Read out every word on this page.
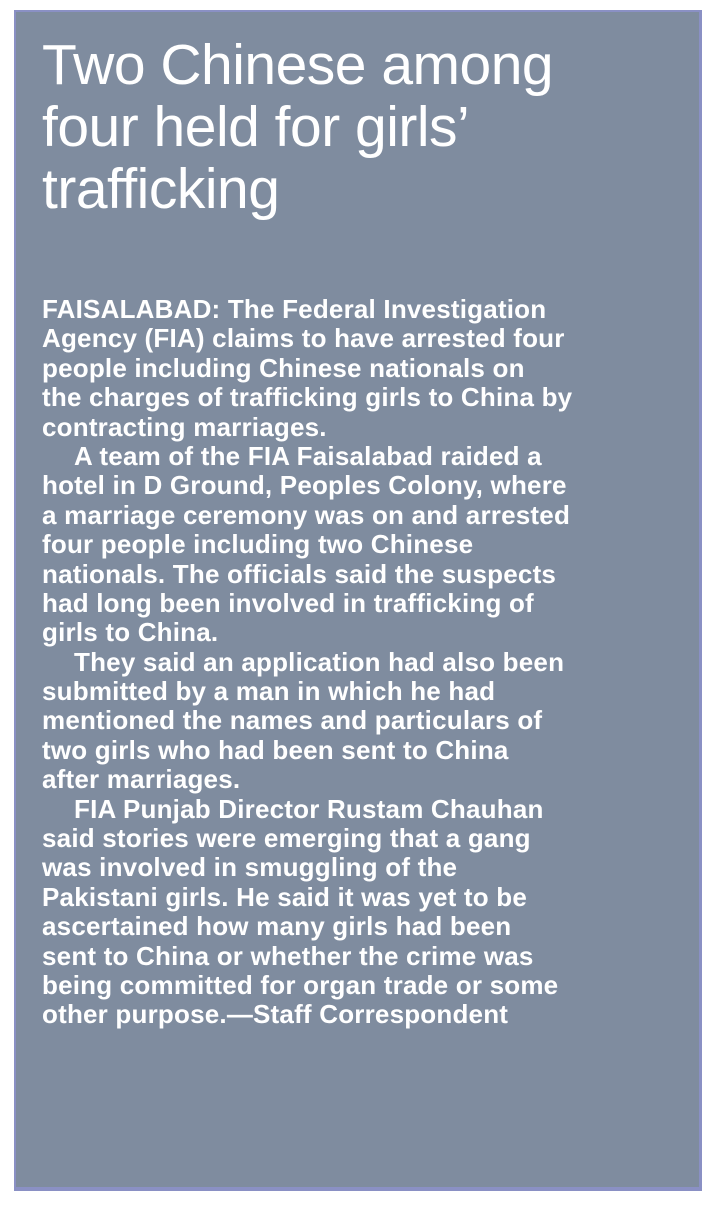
Two Chinese among
four held for girls’
trafficking
FAISALABAD: The Federal Investigation
Agency (FIA) claims to have arrested four
people including Chinese nationals on
the charges of trafficking girls to China by
contracting marriages.
A team of the FIA Faisalabad raided a
hotel in D Ground, Peoples Colony, where
a marriage ceremony was on and arrested
four people including two Chinese
nationals. The officials said the suspects
had long been involved in trafficking of
girls to China.
They said an application had also been
submitted by a man in which he had
mentioned the names and particulars of
two girls who had been sent to China
after marriages.
FIA Punjab Director Rustam Chauhan
said stories were emerging that a gang
was involved in smuggling of the
Pakistani girls. He said it was yet to be
ascertained how many girls had been
sent to China or whether the crime was
being committed for organ trade or some
other purpose.—Staff Correspondent
